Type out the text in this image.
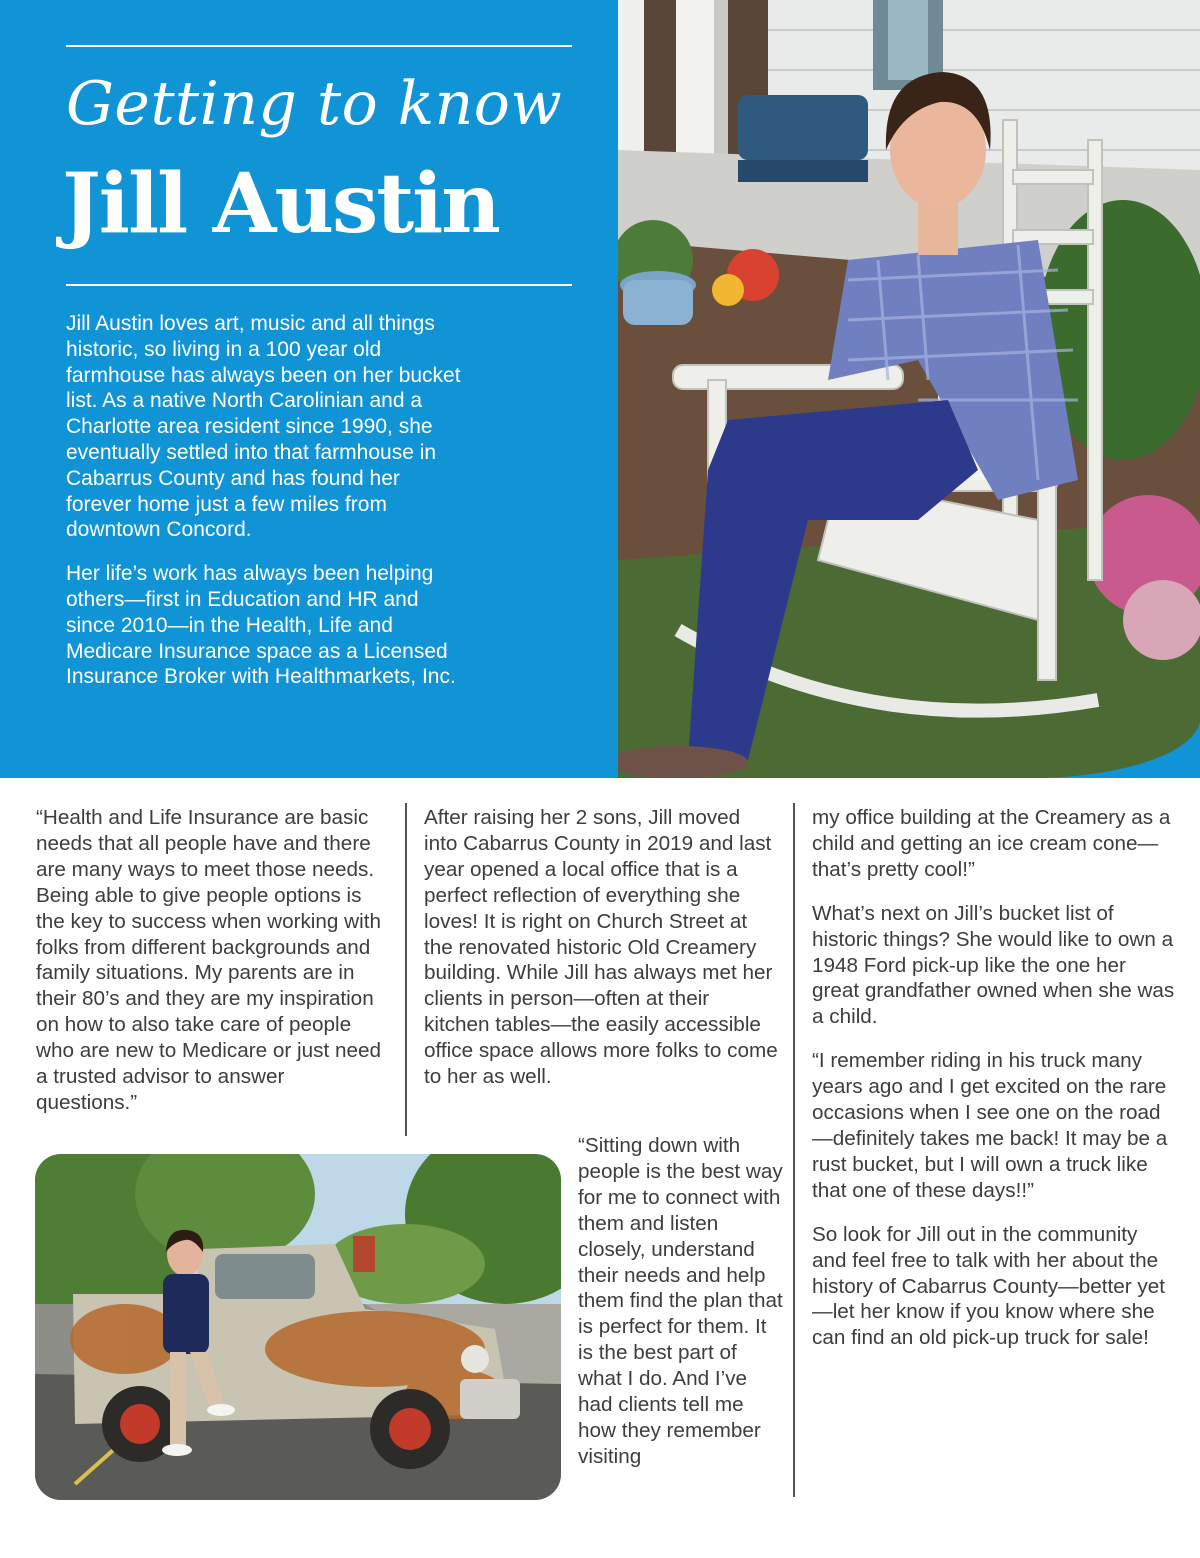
Getting to know
Jill Austin

Jill Austin loves art, music and all things historic, so living in a 100 year old farmhouse has always been on her bucket list. As a native North Carolinian and a Charlotte area resident since 1990, she eventually settled into that farmhouse in Cabarrus County and has found her forever home just a few miles from downtown Concord.

Her life’s work has always been helping others—first in Education and HR and since 2010—in the Health, Life and Medicare Insurance space as a Licensed Insurance Broker with Healthmarkets, Inc.

“Health and Life Insurance are basic needs that all people have and there are many ways to meet those needs. Being able to give people options is the key to success when working with folks from different backgrounds and family situations. My parents are in their 80’s and they are my inspiration on how to also take care of people who are new to Medicare or just need a trusted advisor to answer questions.”

After raising her 2 sons, Jill moved into Cabarrus County in 2019 and last year opened a local office that is a perfect reflection of everything she loves! It is right on Church Street at the renovated historic Old Creamery building. While Jill has always met her clients in person—often at their kitchen tables—the easily accessible office space allows more folks to come to her as well.

“Sitting down with people is the best way for me to connect with them and listen closely, understand their needs and help them find the plan that is perfect for them. It is the best part of what I do. And I’ve had clients tell me how they remember visiting

my office building at the Creamery as a child and getting an ice cream cone—that’s pretty cool!”

What’s next on Jill’s bucket list of historic things? She would like to own a 1948 Ford pick-up like the one her great grandfather owned when she was a child.

“I remember riding in his truck many years ago and I get excited on the rare occasions when I see one on the road—definitely takes me back! It may be a rust bucket, but I will own a truck like that one of these days!!”

So look for Jill out in the community and feel free to talk with her about the history of Cabarrus County—better yet—let her know if you know where she can find an old pick-up truck for sale!
